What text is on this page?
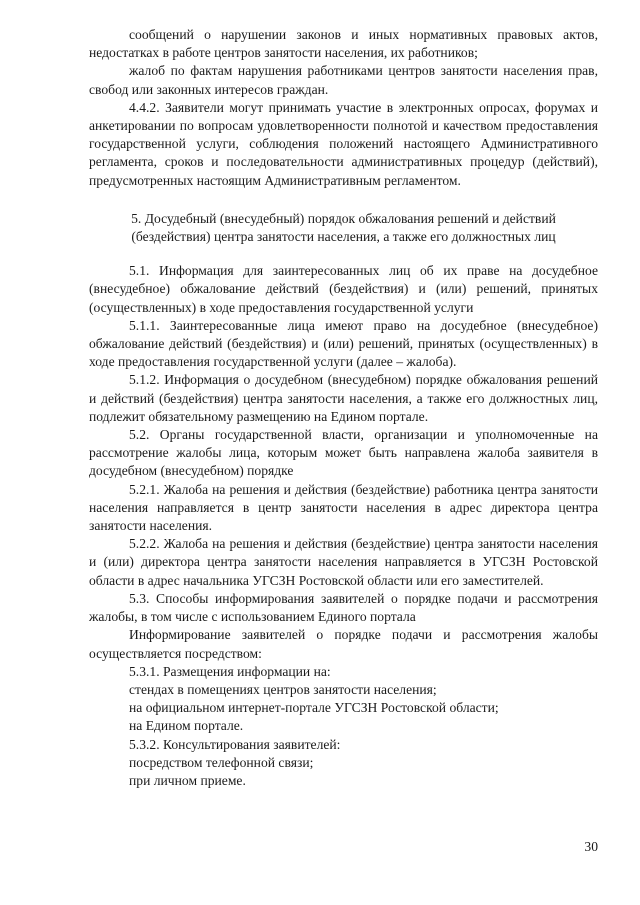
сообщений о нарушении законов и иных нормативных правовых актов, недостатках в работе центров занятости населения, их работников;

жалоб по фактам нарушения работниками центров занятости населения прав, свобод или законных интересов граждан.

4.4.2. Заявители могут принимать участие в электронных опросах, форумах и анкетировании по вопросам удовлетворенности полнотой и качеством предоставления государственной услуги, соблюдения положений настоящего Административного регламента, сроков и последовательности административных процедур (действий), предусмотренных настоящим Административным регламентом.

5. Досудебный (внесудебный) порядок обжалования решений и действий (бездействия) центра занятости населения, а также его должностных лиц

5.1. Информация для заинтересованных лиц об их праве на досудебное (внесудебное) обжалование действий (бездействия) и (или) решений, принятых (осуществленных) в ходе предоставления государственной услуги

5.1.1. Заинтересованные лица имеют право на досудебное (внесудебное) обжалование действий (бездействия) и (или) решений, принятых (осуществленных) в ходе предоставления государственной услуги (далее – жалоба).

5.1.2. Информация о досудебном (внесудебном) порядке обжалования решений и действий (бездействия) центра занятости населения, а также его должностных лиц, подлежит обязательному размещению на Едином портале.

5.2. Органы государственной власти, организации и уполномоченные на рассмотрение жалобы лица, которым может быть направлена жалоба заявителя в досудебном (внесудебном) порядке

5.2.1. Жалоба на решения и действия (бездействие) работника центра занятости населения направляется в центр занятости населения в адрес директора центра занятости населения.

5.2.2. Жалоба на решения и действия (бездействие) центра занятости населения и (или) директора центра занятости населения направляется в УГСЗН Ростовской области в адрес начальника УГСЗН Ростовской области или его заместителей.

5.3. Способы информирования заявителей о порядке подачи и рассмотрения жалобы, в том числе с использованием Единого портала

Информирование заявителей о порядке подачи и рассмотрения жалобы осуществляется посредством:

5.3.1. Размещения информации на:

стендах в помещениях центров занятости населения;

на официальном интернет-портале УГСЗН Ростовской области;

на Едином портале.

5.3.2. Консультирования заявителей:

посредством телефонной связи;

при личном приеме.

30
